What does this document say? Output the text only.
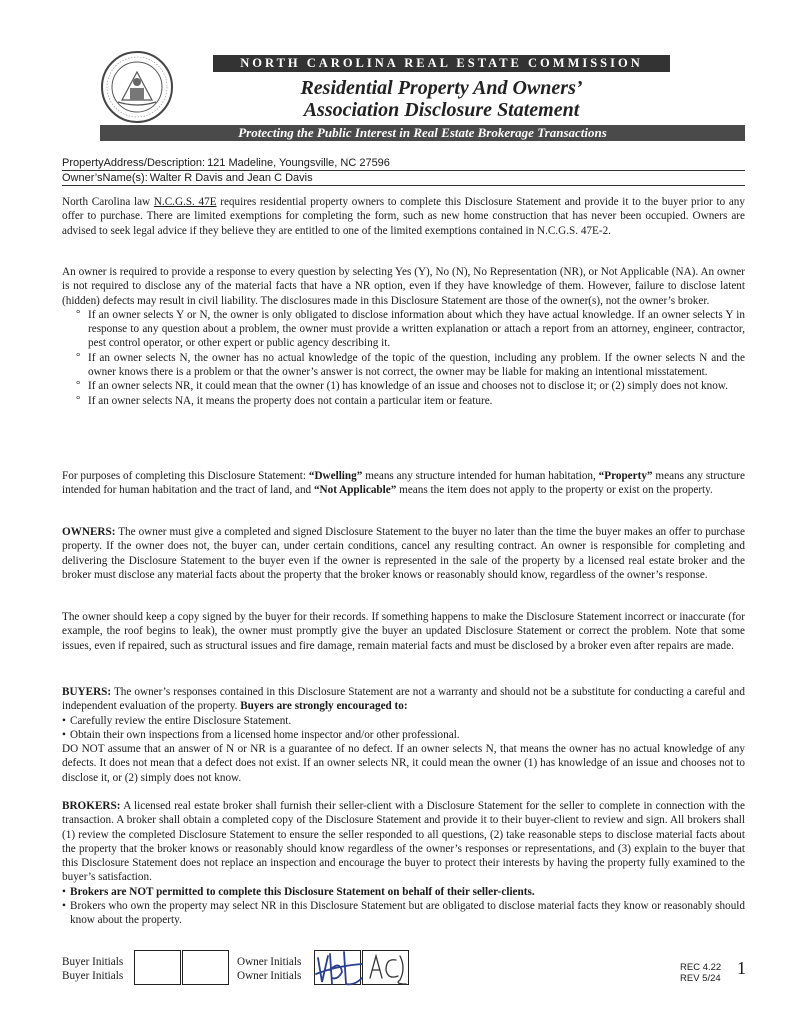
NORTH CAROLINA REAL ESTATE COMMISSION
Residential Property And Owners’
Association Disclosure Statement
Protecting the Public Interest in Real Estate Brokerage Transactions
PropertyAddress/Description: 121 Madeline, Youngsville, NC 27596
Owner’sName(s): Walter R Davis and Jean C Davis
North Carolina law N.C.G.S. 47E requires residential property owners to complete this Disclosure Statement and provide it to the buyer prior to any offer to purchase. There are limited exemptions for completing the form, such as new home construction that has never been occupied. Owners are advised to seek legal advice if they believe they are entitled to one of the limited exemptions contained in N.C.G.S. 47E-2.
An owner is required to provide a response to every question by selecting Yes (Y), No (N), No Representation (NR), or Not Applicable (NA). An owner is not required to disclose any of the material facts that have a NR option, even if they have knowledge of them. However, failure to disclose latent (hidden) defects may result in civil liability. The disclosures made in this Disclosure Statement are those of the owner(s), not the owner’s broker.
° If an owner selects Y or N, the owner is only obligated to disclose information about which they have actual knowledge. If an owner selects Y in response to any question about a problem, the owner must provide a written explanation or attach a report from an attorney, engineer, contractor, pest control operator, or other expert or public agency describing it.
° If an owner selects N, the owner has no actual knowledge of the topic of the question, including any problem. If the owner selects N and the owner knows there is a problem or that the owner’s answer is not correct, the owner may be liable for making an intentional misstatement.
° If an owner selects NR, it could mean that the owner (1) has knowledge of an issue and chooses not to disclose it; or (2) simply does not know.
° If an owner selects NA, it means the property does not contain a particular item or feature.
For purposes of completing this Disclosure Statement: “Dwelling” means any structure intended for human habitation, “Property” means any structure intended for human habitation and the tract of land, and “Not Applicable” means the item does not apply to the property or exist on the property.
OWNERS: The owner must give a completed and signed Disclosure Statement to the buyer no later than the time the buyer makes an offer to purchase property. If the owner does not, the buyer can, under certain conditions, cancel any resulting contract. An owner is responsible for completing and delivering the Disclosure Statement to the buyer even if the owner is represented in the sale of the property by a licensed real estate broker and the broker must disclose any material facts about the property that the broker knows or reasonably should know, regardless of the owner’s response.
The owner should keep a copy signed by the buyer for their records. If something happens to make the Disclosure Statement incorrect or inaccurate (for example, the roof begins to leak), the owner must promptly give the buyer an updated Disclosure Statement or correct the problem. Note that some issues, even if repaired, such as structural issues and fire damage, remain material facts and must be disclosed by a broker even after repairs are made.
BUYERS: The owner’s responses contained in this Disclosure Statement are not a warranty and should not be a substitute for conducting a careful and independent evaluation of the property. Buyers are strongly encouraged to:
• Carefully review the entire Disclosure Statement.
• Obtain their own inspections from a licensed home inspector and/or other professional.
DO NOT assume that an answer of N or NR is a guarantee of no defect. If an owner selects N, that means the owner has no actual knowledge of any defects. It does not mean that a defect does not exist. If an owner selects NR, it could mean the owner (1) has knowledge of an issue and chooses not to disclose it, or (2) simply does not know.
BROKERS: A licensed real estate broker shall furnish their seller-client with a Disclosure Statement for the seller to complete in connection with the transaction. A broker shall obtain a completed copy of the Disclosure Statement and provide it to their buyer-client to review and sign. All brokers shall (1) review the completed Disclosure Statement to ensure the seller responded to all questions, (2) take reasonable steps to disclose material facts about the property that the broker knows or reasonably should know regardless of the owner’s responses or representations, and (3) explain to the buyer that this Disclosure Statement does not replace an inspection and encourage the buyer to protect their interests by having the property fully examined to the buyer’s satisfaction.
• Brokers are NOT permitted to complete this Disclosure Statement on behalf of their seller-clients.
• Brokers who own the property may select NR in this Disclosure Statement but are obligated to disclose material facts they know or reasonably should know about the property.
Buyer Initials
Buyer Initials
Owner Initials
Owner Initials
REC 4.22
REV 5/24
1
